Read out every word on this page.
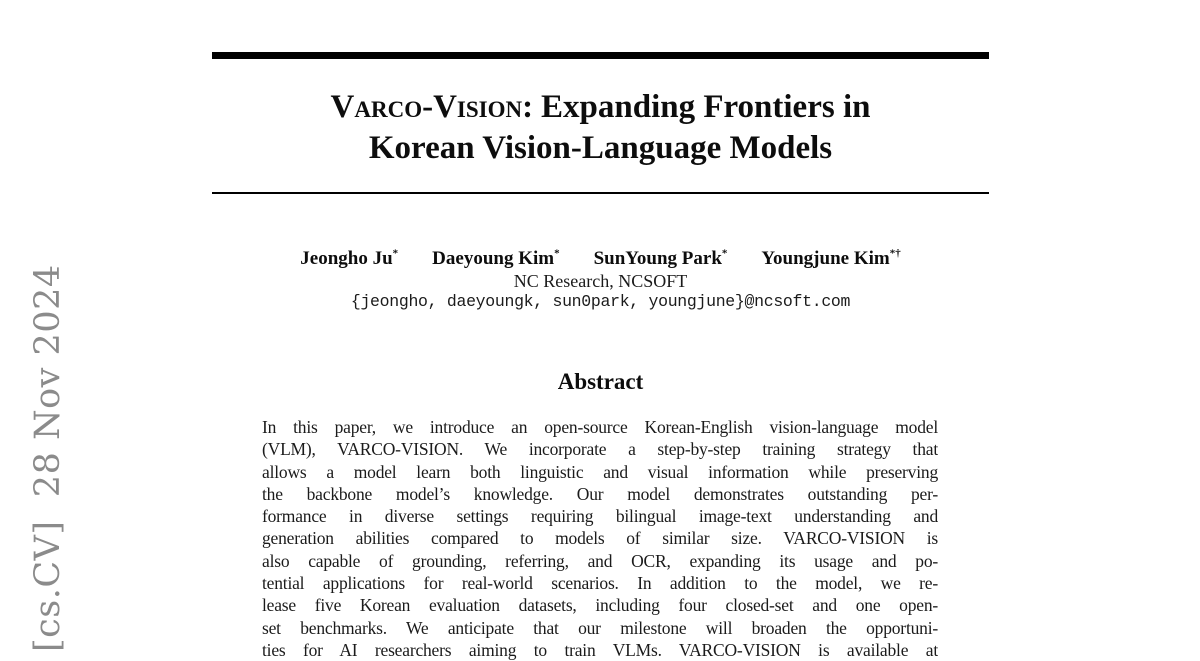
[cs.CV]  28 Nov 2024
Varco-Vision: Expanding Frontiers in
Korean Vision-Language Models
Jeongho Ju* Daeyoung Kim* SunYoung Park* Youngjune Kim*†
NC Research, NCSOFT
{jeongho, daeyoungk, sun0park, youngjune}@ncsoft.com
Abstract
In this paper, we introduce an open-source Korean-English vision-language model
(VLM), VARCO-VISION. We incorporate a step-by-step training strategy that
allows a model learn both linguistic and visual information while preserving
the backbone model’s knowledge. Our model demonstrates outstanding per-
formance in diverse settings requiring bilingual image-text understanding and
generation abilities compared to models of similar size. VARCO-VISION is
also capable of grounding, referring, and OCR, expanding its usage and po-
tential applications for real-world scenarios. In addition to the model, we re-
lease five Korean evaluation datasets, including four closed-set and one open-
set benchmarks. We anticipate that our milestone will broaden the opportuni-
ties for AI researchers aiming to train VLMs. VARCO-VISION is available at
